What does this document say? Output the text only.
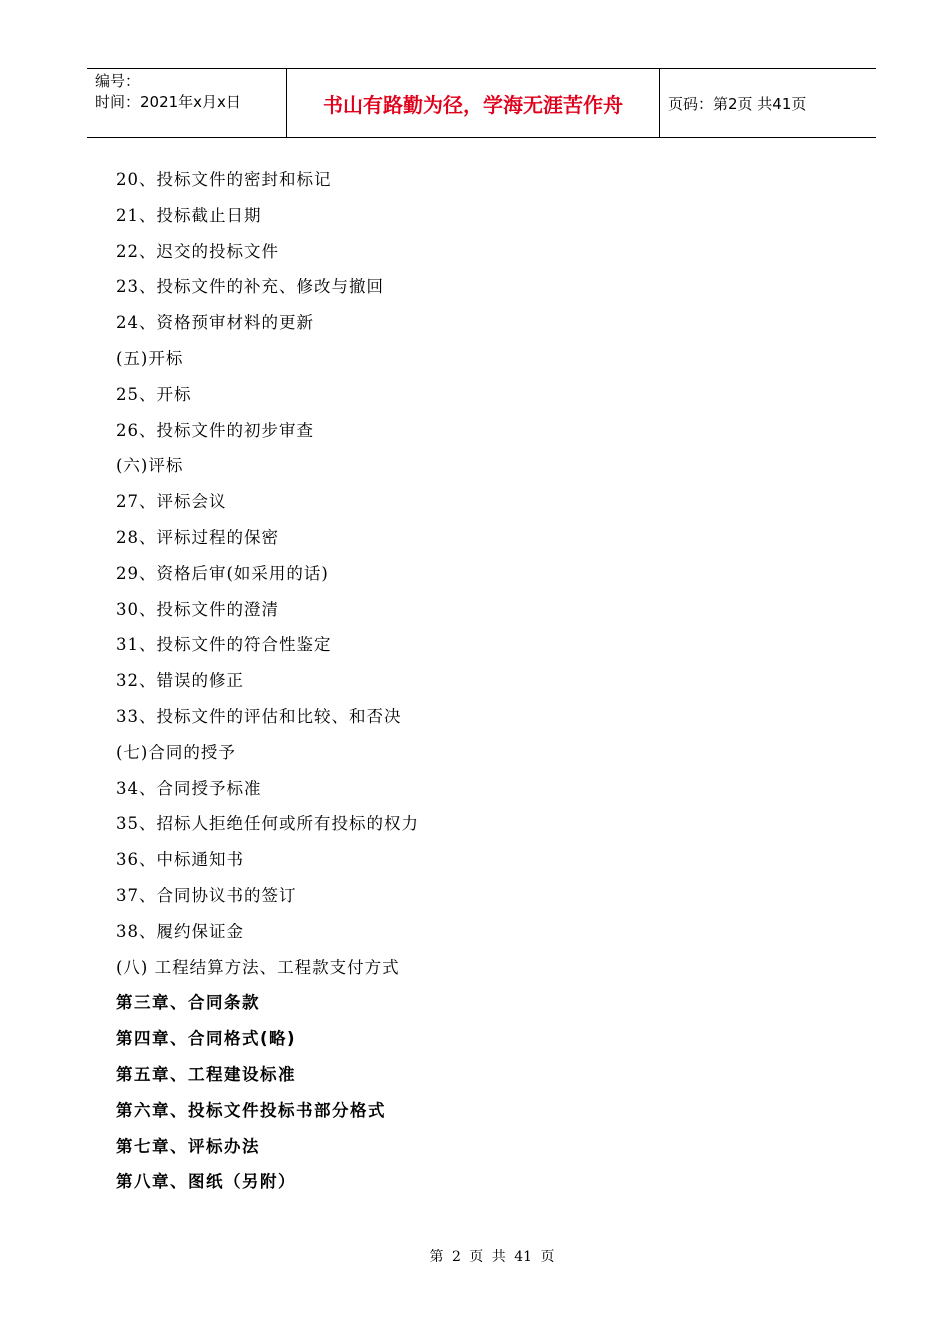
编号：
时间：2021年x月x日	书山有路勤为径，学海无涯苦作舟	页码：第2页 共41页
20、投标文件的密封和标记
21、投标截止日期
22、迟交的投标文件
23、投标文件的补充、修改与撤回
24、资格预审材料的更新
(五)开标
25、开标
26、投标文件的初步审查
(六)评标
27、评标会议
28、评标过程的保密
29、资格后审(如采用的话)
30、投标文件的澄清
31、投标文件的符合性鉴定
32、错误的修正
33、投标文件的评估和比较、和否决
(七)合同的授予
34、合同授予标准
35、招标人拒绝任何或所有投标的权力
36、中标通知书
37、合同协议书的签订
38、履约保证金
(八) 工程结算方法、工程款支付方式
第三章、合同条款
第四章、合同格式(略)
第五章、工程建设标准
第六章、投标文件投标书部分格式
第七章、评标办法
第八章、图纸（另附）
第 2 页 共 41 页
